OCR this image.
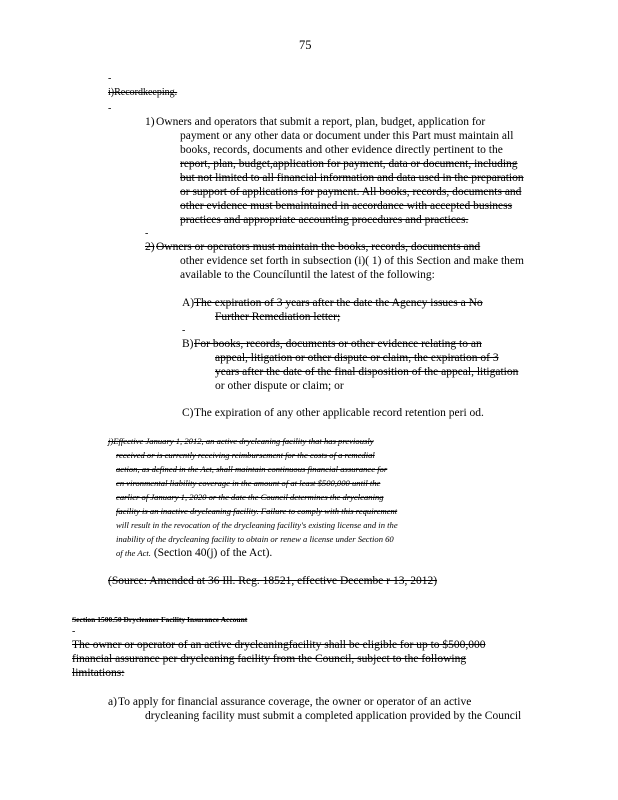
75
-
i)Recordkeeping.
-
1) Owners and operators that submit a report, plan, budget, application for
payment or any other data or document under this Part must maintain all
books, records, documents and other evidence directly pertinent to the
report, plan, budget,application for payment, data or document, including
but not limited to all financial information and data used in the preparation
or support of applications for payment. All books, records, documents and
other evidence must bemaintained in accordance with accepted business
practices and appropriate accounting procedures and practices.
-
2) Owners or operators must maintain the books, records, documents and
other evidence set forth in subsection (i)( 1) of this Section and make them
available to the Councíluntil the latest of the following:
A) The expiration of 3 years after the date the Agency issues a No
Further Remediation letter;
-
B) For books, records, documents or other evidence relating to an
appeal, litigation or other dispute or claim, the expiration of 3
years after the date of the final disposition of the appeal, litigation
or other dispute or claim; or
C) The expiration of any other applicable record retention peri od.
j)Effective January 1, 2012, an active drycleaning facility that has previously
received or is currently receiving reimbursement for the costs of a remedial
action, as defined in the Act, shall maintain continuous financial assurance for
en vironmental liability coverage in the amount of at least $500,000 until the
earlier of January 1, 2020 or the date the Council determines the drycleaning
facility is an inactive drycleaning facility. Failure to comply with this requirement
will result in the revocation of the drycleaning facility's existing license and in the
inability of the drycleaning facility to obtain or renew a license under Section 60
of the Act. (Section 40(j) of the Act).
(Source: Amended at 36 Ill. Reg. 18521, effective Decembe r 13, 2012)
Section 1500.50 Drycleaner Facility Insurance Account
-
The owner or operator of an active drycleaningfacility shall be eligible for up to $500,000
financial assurance per drycleaning facility from the Council, subject to the following
limitations:
a) To apply for financial assurance coverage, the owner or operator of an active
drycleaning facility must submit a completed application provided by the Council
